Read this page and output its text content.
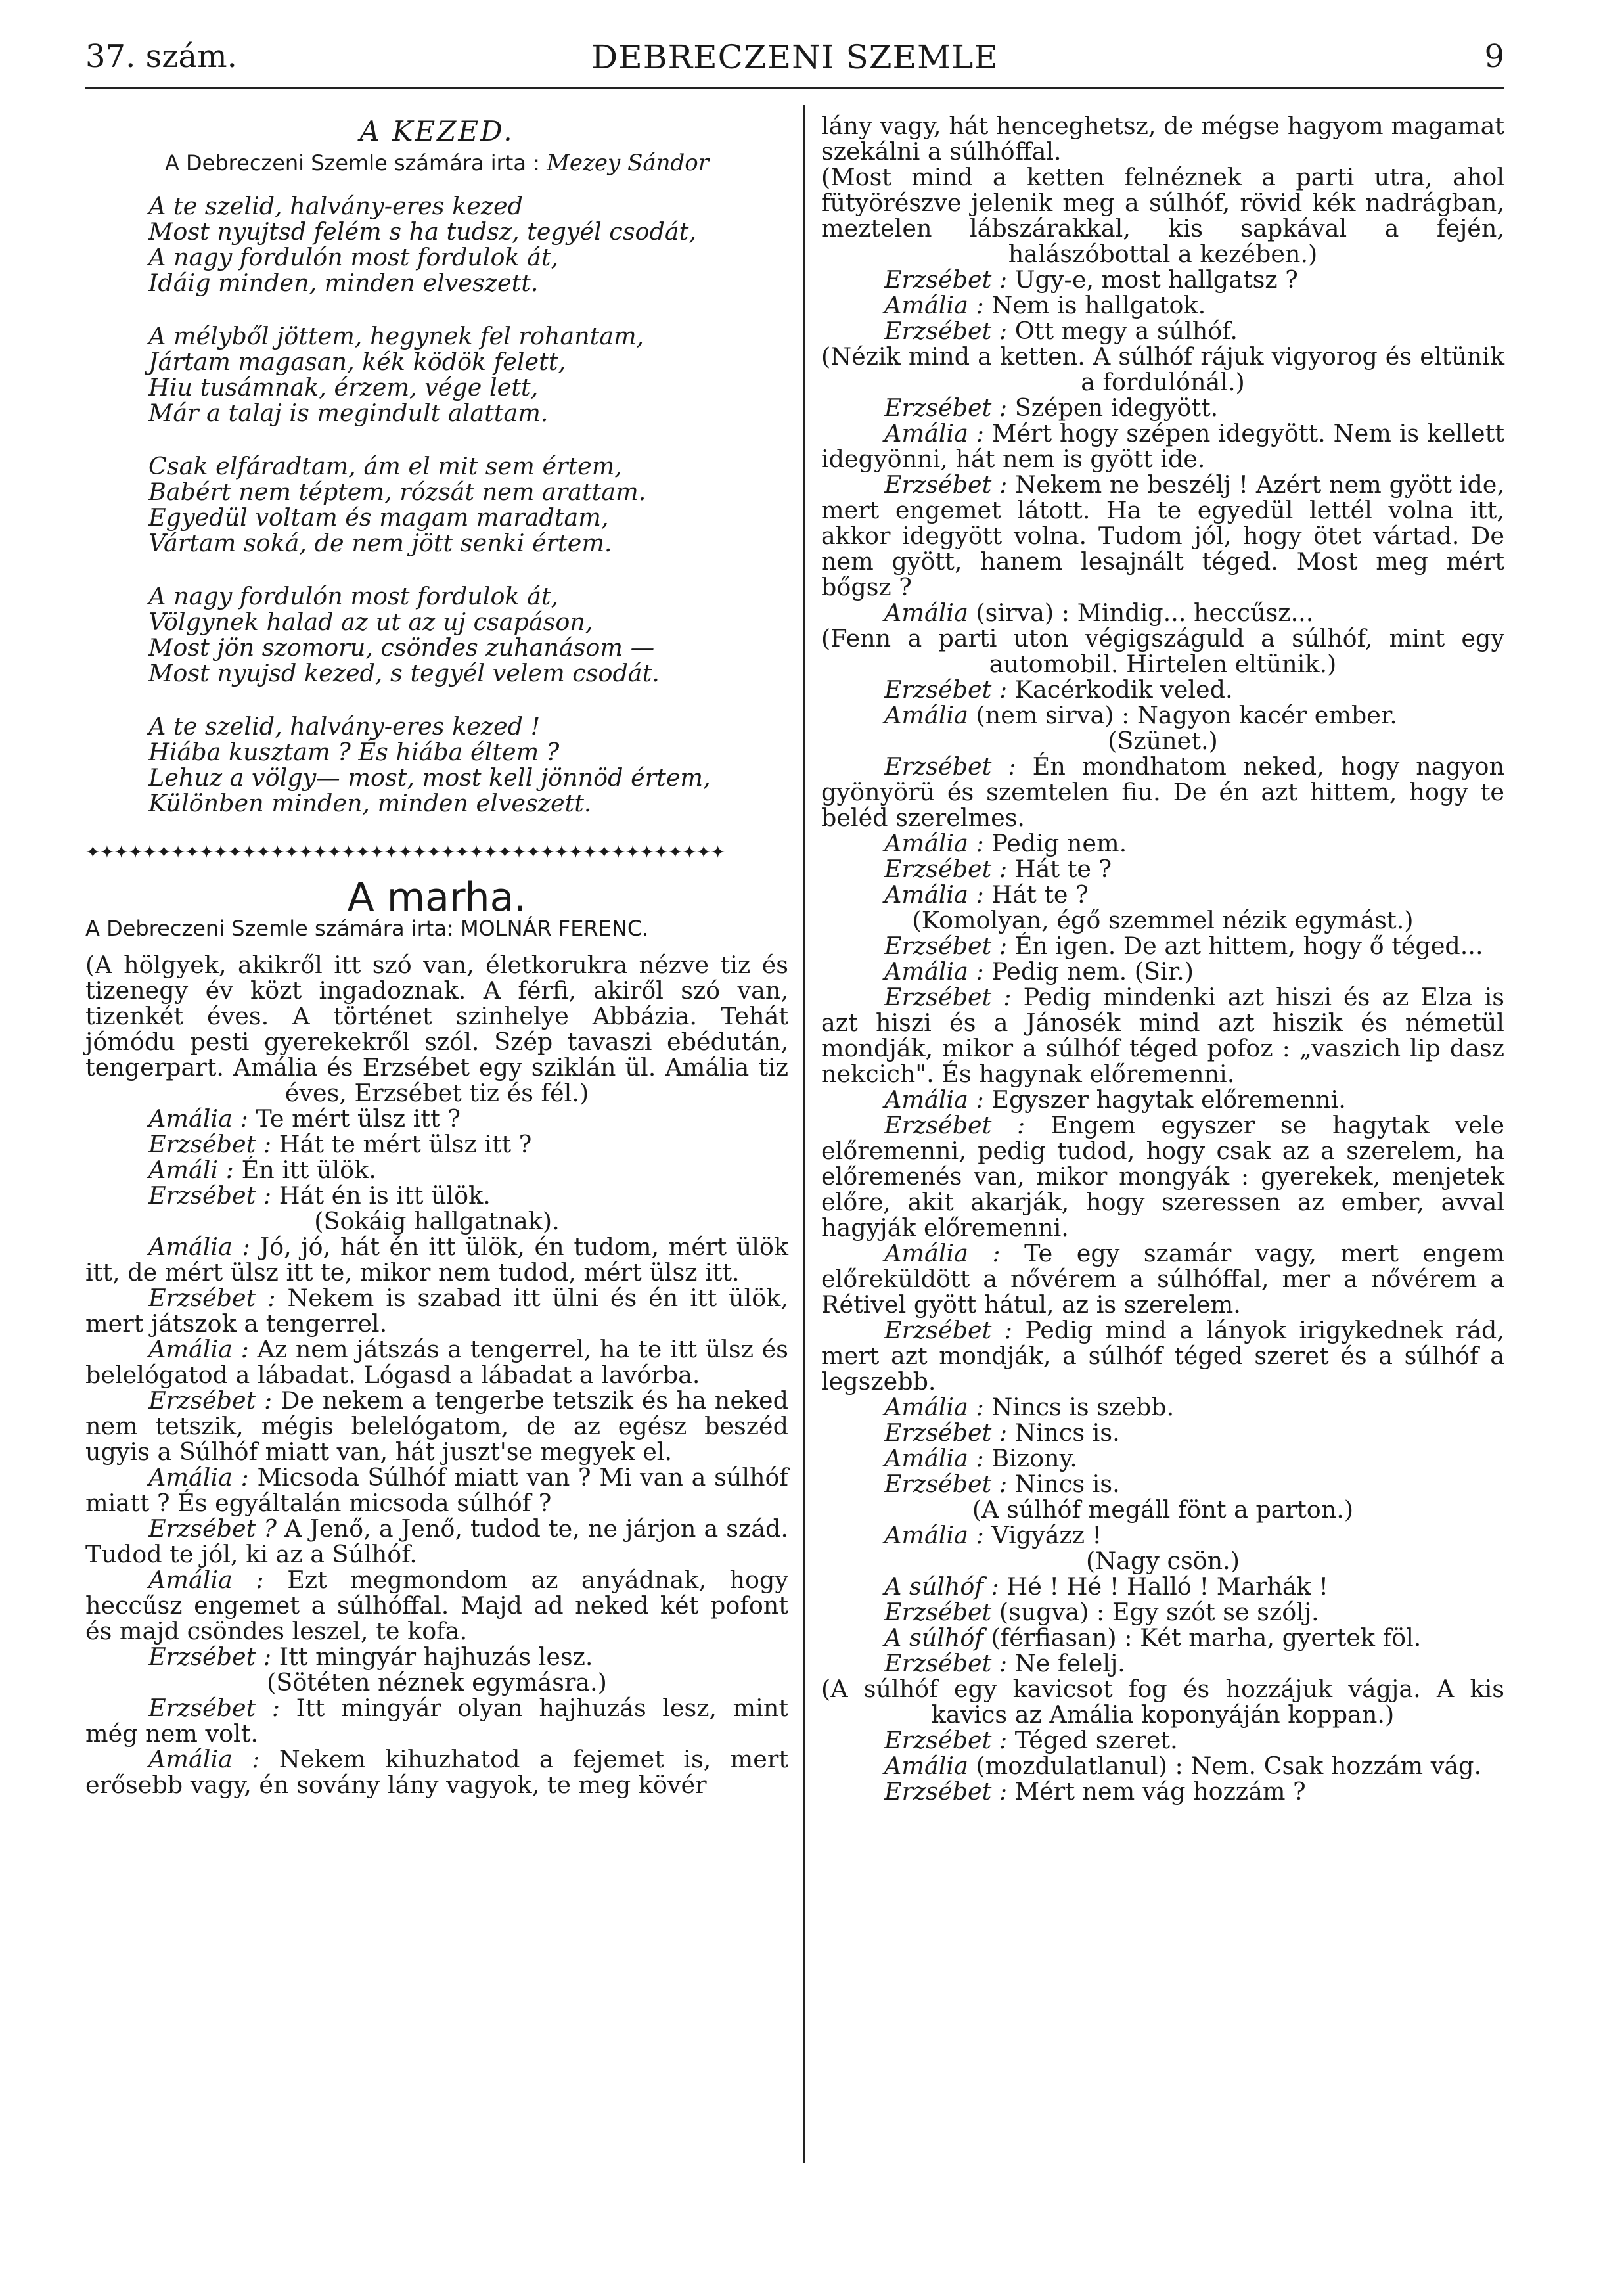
37. szám.	DEBRECZENI SZEMLE	9
A KEZED.
A Debreczeni Szemle számára irta : Mezey Sándor
A te szelid, halvány-eres kezed
Most nyujtsd felém s ha tudsz, tegyél csodát,
A nagy fordulón most fordulok át,
Idáig minden, minden elveszett.
A mélyből jöttem, hegynek fel rohantam,
Jártam magasan, kék ködök felett,
Hiu tusámnak, érzem, vége lett,
Már a talaj is megindult alattam.
Csak elfáradtam, ám el mit sem értem,
Babért nem téptem, rózsát nem arattam.
Egyedül voltam és magam maradtam,
Vártam soká, de nem jött senki értem.
A nagy fordulón most fordulok át,
Völgynek halad az ut az uj csapáson,
Most jön szomoru, csöndes zuhanásom —
Most nyujsd kezed, s tegyél velem csodát.
A te szelid, halvány-eres kezed !
Hiába kusztam ? És hiába éltem ?
Lehuz a völgy— most, most kell jönnöd értem,
Különben minden, minden elveszett.
✦✦✦✦✦✦✦✦✦✦✦✦✦✦✦✦✦✦✦✦✦✦✦✦✦✦✦✦✦✦✦✦✦✦✦✦✦✦✦✦✦✦✦✦✦
A marha.
A Debreczeni Szemle számára irta: MOLNÁR FERENC.

(A hölgyek, akikről itt szó van, életkorukra nézve tiz és tizenegy év közt ingadoznak. A férfi, akiről szó van, tizenkét éves. A történet szinhelye Abbázia. Tehát jómódu pesti gyerekekről szól. Szép tavaszi ebédután, tengerpart. Amália és Erzsébet egy sziklán ül. Amália tiz éves, Erzsébet tiz és fél.)

Amália : Te mért ülsz itt ?

Erzsébet : Hát te mért ülsz itt ?

Amáli : Én itt ülök.

Erzsébet : Hát én is itt ülök.

(Sokáig hallgatnak).

Amália : Jó, jó, hát én itt ülök, én tudom, mért ülök itt, de mért ülsz itt te, mikor nem tudod, mért ülsz itt.

Erzsébet : Nekem is szabad itt ülni és én itt ülök, mert játszok a tengerrel.

Amália : Az nem játszás a tengerrel, ha te itt ülsz és belelógatod a lábadat. Lógasd a lábadat a lavórba.

Erzsébet : De nekem a tengerbe tetszik és ha neked nem tetszik, mégis belelógatom, de az egész beszéd ugyis a Súlhóf miatt van, hát juszt'se megyek el.

Amália : Micsoda Súlhóf miatt van ? Mi van a súlhóf miatt ? És egyáltalán micsoda súlhóf ?

Erzsébet ? A Jenő, a Jenő, tudod te, ne járjon a szád. Tudod te jól, ki az a Súlhóf.

Amália : Ezt megmondom az anyádnak, hogy heccűsz engemet a súlhóffal. Majd ad neked két pofont és majd csöndes leszel, te kofa.

Erzsébet : Itt mingyár hajhuzás lesz.

(Sötéten néznek egymásra.)

Erzsébet : Itt mingyár olyan hajhuzás lesz, mint még nem volt.

Amália : Nekem kihuzhatod a fejemet is, mert erősebb vagy, én sovány lány vagyok, te meg kövér

lány vagy, hát henceghetsz, de mégse hagyom magamat szekálni a súlhóffal.

(Most mind a ketten felnéznek a parti utra, ahol fütyörészve jelenik meg a súlhóf, rövid kék nadrágban, meztelen lábszárakkal, kis sapkával a fején, halászóbottal a kezében.)

Erzsébet : Ugy-e, most hallgatsz ?

Amália : Nem is hallgatok.

Erzsébet : Ott megy a súlhóf.

(Nézik mind a ketten. A súlhóf rájuk vigyorog és eltünik a fordulónál.)

Erzsébet : Szépen idegyött.

Amália : Mért hogy szépen idegyött. Nem is kellett idegyönni, hát nem is gyött ide.

Erzsébet : Nekem ne beszélj ! Azért nem gyött ide, mert engemet látott. Ha te egyedül lettél volna itt, akkor idegyött volna. Tudom jól, hogy ötet vártad. De nem gyött, hanem lesajnált téged. Most meg mért bőgsz ?

Amália (sirva) : Mindig... heccűsz...

(Fenn a parti uton végigszáguld a súlhóf, mint egy automobil. Hirtelen eltünik.)

Erzsébet : Kacérkodik veled.

Amália (nem sirva) : Nagyon kacér ember.

(Szünet.)

Erzsébet : Én mondhatom neked, hogy nagyon gyönyörü és szemtelen fiu. De én azt hittem, hogy te beléd szerelmes.

Amália : Pedig nem.

Erzsébet : Hát te ?

Amália : Hát te ?

(Komolyan, égő szemmel nézik egymást.)

Erzsébet : Én igen. De azt hittem, hogy ő téged...

Amália : Pedig nem. (Sir.)

Erzsébet : Pedig mindenki azt hiszi és az Elza is azt hiszi és a Jánosék mind azt hiszik és németül mondják, mikor a súlhóf téged pofoz : „vaszich lip dasz nekcich". És hagynak előremenni.

Amália : Egyszer hagytak előremenni.

Erzsébet : Engem egyszer se hagytak vele előremenni, pedig tudod, hogy csak az a szerelem, ha előremenés van, mikor mongyák : gyerekek, menjetek előre, akit akarják, hogy szeressen az ember, avval hagyják előremenni.

Amália : Te egy szamár vagy, mert engem előreküldött a nővérem a súlhóffal, mer a nővérem a Rétivel gyött hátul, az is szerelem.

Erzsébet : Pedig mind a lányok irigykednek rád, mert azt mondják, a súlhóf téged szeret és a súlhóf a legszebb.

Amália : Nincs is szebb.

Erzsébet : Nincs is.

Amália : Bizony.

Erzsébet : Nincs is.

(A súlhóf megáll fönt a parton.)

Amália : Vigyázz !

(Nagy csön.)

A súlhóf : Hé ! Hé ! Halló ! Marhák !

Erzsébet (sugva) : Egy szót se szólj.

A súlhóf (férfiasan) : Két marha, gyertek föl.

Erzsébet : Ne felelj.

(A súlhóf egy kavicsot fog és hozzájuk vágja. A kis kavics az Amália koponyáján koppan.)

Erzsébet : Téged szeret.

Amália (mozdulatlanul) : Nem. Csak hozzám vág.

Erzsébet : Mért nem vág hozzám ?
